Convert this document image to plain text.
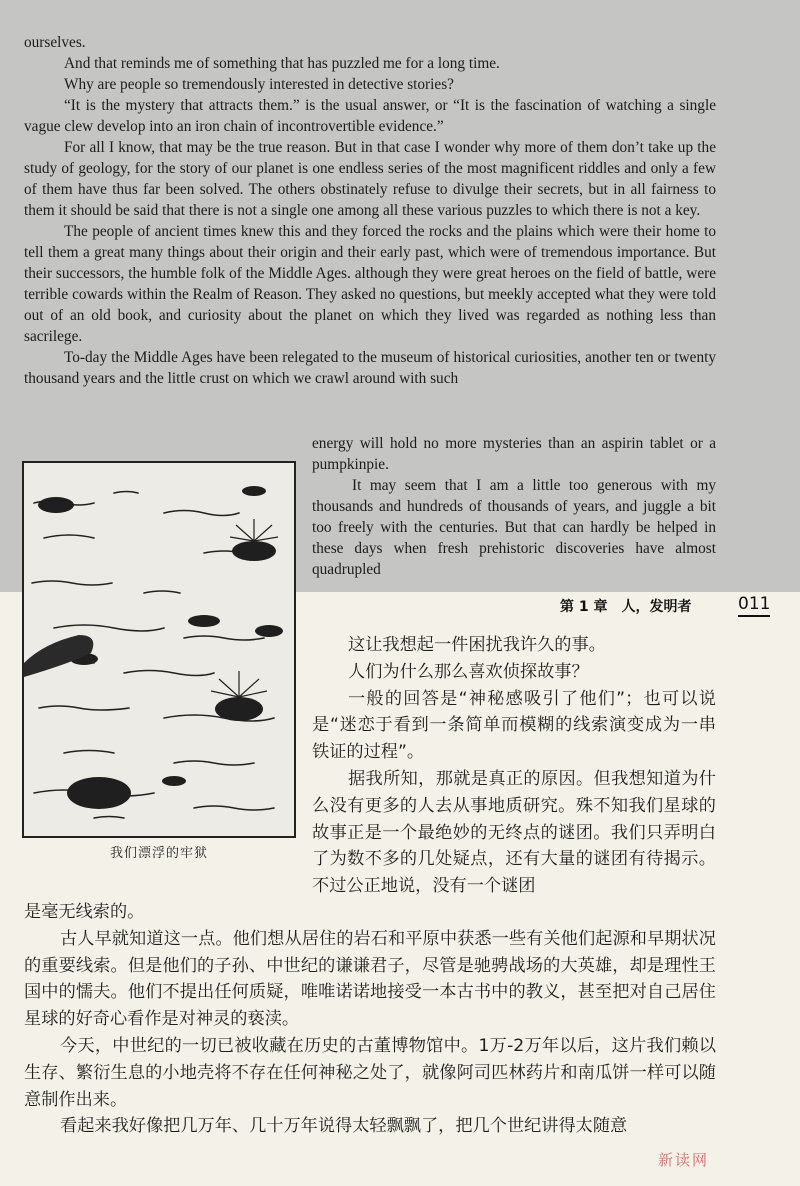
ourselves.

And that reminds me of something that has puzzled me for a long time.

Why are people so tremendously interested in detective stories?

“It is the mystery that attracts them.” is the usual answer, or “It is the fascination of watching a single vague clew develop into an iron chain of incontrovertible evidence.”

For all I know, that may be the true reason. But in that case I wonder why more of them don’t take up the study of geology, for the story of our planet is one endless series of the most magnificent riddles and only a few of them have thus far been solved. The others obstinately refuse to divulge their secrets, but in all fairness to them it should be said that there is not a single one among all these various puzzles to which there is not a key.

The people of ancient times knew this and they forced the rocks and the plains which were their home to tell them a great many things about their origin and their early past, which were of tremendous importance. But their successors, the humble folk of the Middle Ages. although they were great heroes on the field of battle, were terrible cowards within the Realm of Reason. They asked no questions, but meekly accepted what they were told out of an old book, and curiosity about the planet on which they lived was regarded as nothing less than sacrilege.

To-day the Middle Ages have been relegated to the museum of historical curiosities, another ten or twenty thousand years and the little crust on which we crawl around with such

energy will hold no more mysteries than an aspirin tablet or a pumpkinpie.

It may seem that I am a little too generous with my thousands and hundreds of thousands of years, and juggle a bit too freely with the centuries. But that can hardly be helped in these days when fresh prehistoric discoveries have almost quadrupled

我们漂浮的牢狱
第 1 章　人，发明者	011

这让我想起一件困扰我许久的事。

人们为什么那么喜欢侦探故事？

一般的回答是“神秘感吸引了他们”；也可以说是“迷恋于看到一条简单而模糊的线索演变成为一串铁证的过程”。

据我所知，那就是真正的原因。但我想知道为什么没有更多的人去从事地质研究。殊不知我们星球的故事正是一个最绝妙的无终点的谜团。我们只弄明白了为数不多的几处疑点，还有大量的谜团有待揭示。不过公正地说，没有一个谜团

是毫无线索的。

古人早就知道这一点。他们想从居住的岩石和平原中获悉一些有关他们起源和早期状况的重要线索。但是他们的子孙、中世纪的谦谦君子，尽管是驰骋战场的大英雄，却是理性王国中的懦夫。他们不提出任何质疑，唯唯诺诺地接受一本古书中的教义，甚至把对自己居住星球的好奇心看作是对神灵的亵渎。

今天，中世纪的一切已被收藏在历史的古董博物馆中。1万-2万年以后，这片我们赖以生存、繁衍生息的小地壳将不存在任何神秘之处了，就像阿司匹林药片和南瓜饼一样可以随意制作出来。

看起来我好像把几万年、几十万年说得太轻飘飘了，把几个世纪讲得太随意

新读网
